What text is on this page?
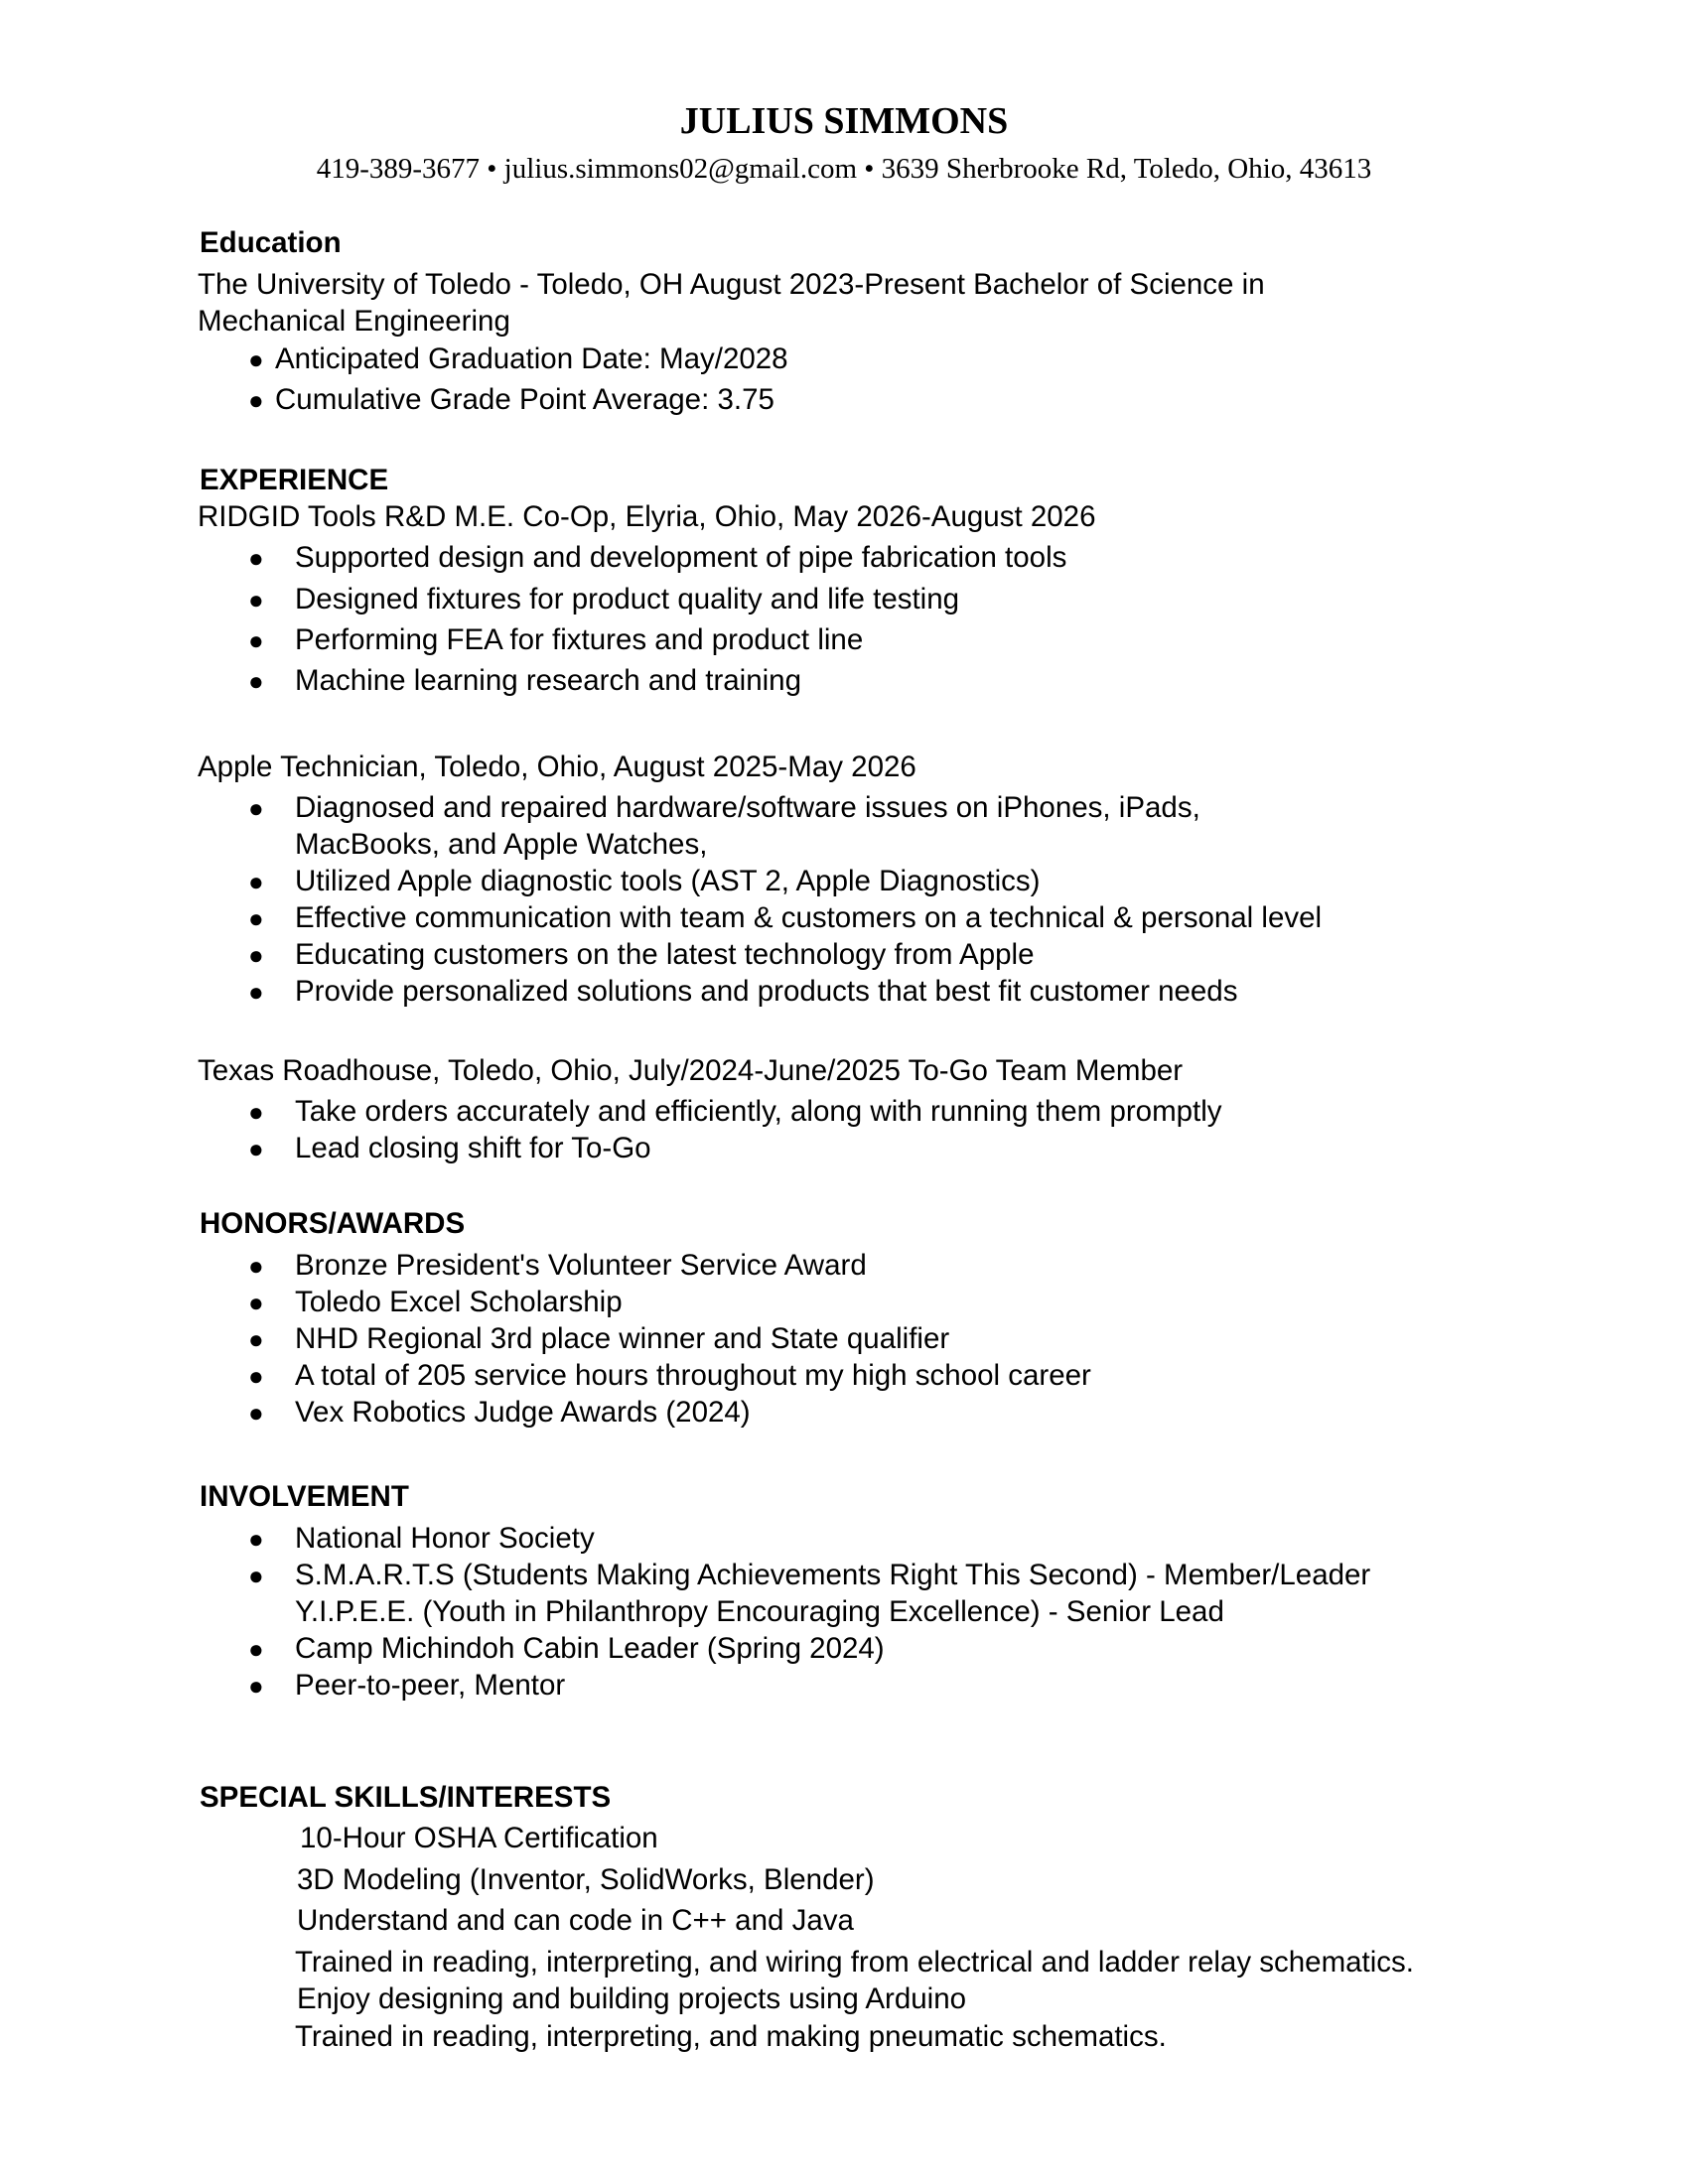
JULIUS SIMMONS

419-389-3677 • julius.simmons02@gmail.com • 3639 Sherbrooke Rd, Toledo, Ohio, 43613

Education

The University of Toledo - Toledo, OH August 2023-Present Bachelor of Science in

Mechanical Engineering

● Anticipated Graduation Date: May/2028

● Cumulative Grade Point Average: 3.75

EXPERIENCE

RIDGID Tools R&D M.E. Co-Op, Elyria, Ohio, May 2026-August 2026

● Supported design and development of pipe fabrication tools

● Designed fixtures for product quality and life testing

● Performing FEA for fixtures and product line

● Machine learning research and training

Apple Technician, Toledo, Ohio, August 2025-May 2026

● Diagnosed and repaired hardware/software issues on iPhones, iPads,

MacBooks, and Apple Watches,

● Utilized Apple diagnostic tools (AST 2, Apple Diagnostics)

● Effective communication with team & customers on a technical & personal level

● Educating customers on the latest technology from Apple

● Provide personalized solutions and products that best fit customer needs

Texas Roadhouse, Toledo, Ohio, July/2024-June/2025 To-Go Team Member

● Take orders accurately and efficiently, along with running them promptly

● Lead closing shift for To-Go

HONORS/AWARDS

● Bronze President's Volunteer Service Award

● Toledo Excel Scholarship

● NHD Regional 3rd place winner and State qualifier

● A total of 205 service hours throughout my high school career

● Vex Robotics Judge Awards (2024)

INVOLVEMENT

● National Honor Society

● S.M.A.R.T.S (Students Making Achievements Right This Second) - Member/Leader

Y.I.P.E.E. (Youth in Philanthropy Encouraging Excellence) - Senior Lead

● Camp Michindoh Cabin Leader (Spring 2024)

● Peer-to-peer, Mentor

SPECIAL SKILLS/INTERESTS

10-Hour OSHA Certification

3D Modeling (Inventor, SolidWorks, Blender)

Understand and can code in C++ and Java

Trained in reading, interpreting, and wiring from electrical and ladder relay schematics.

Enjoy designing and building projects using Arduino

Trained in reading, interpreting, and making pneumatic schematics.
